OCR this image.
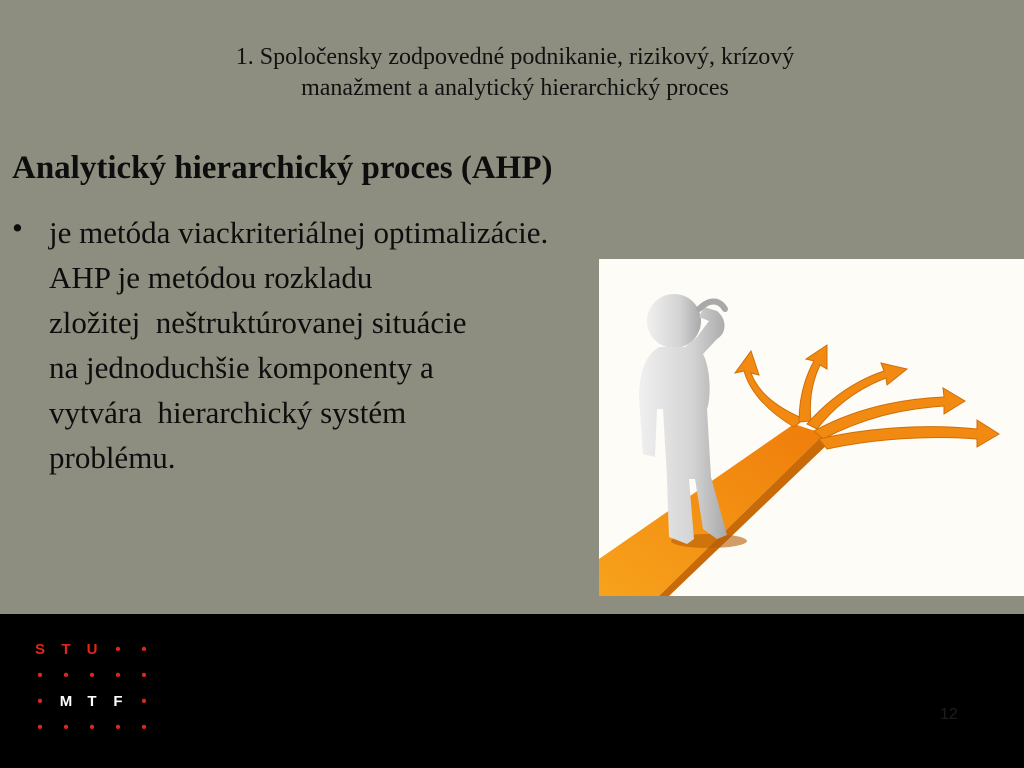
1. Spoločensky zodpovedné podnikanie, rizikový, krízový
manažment a analytický hierarchický proces
Analytický hierarchický proces (AHP)
• je metóda viackriteriálnej optimalizácie.
AHP je metódou rozkladu
zložitej  neštruktúrovanej situácie
na jednoduchšie komponenty a
vytvára  hierarchický systém
problému.
S	T	U	•	•
•	•	•	•	•
•	M	T	F	•
•	•	•	•	•
12
